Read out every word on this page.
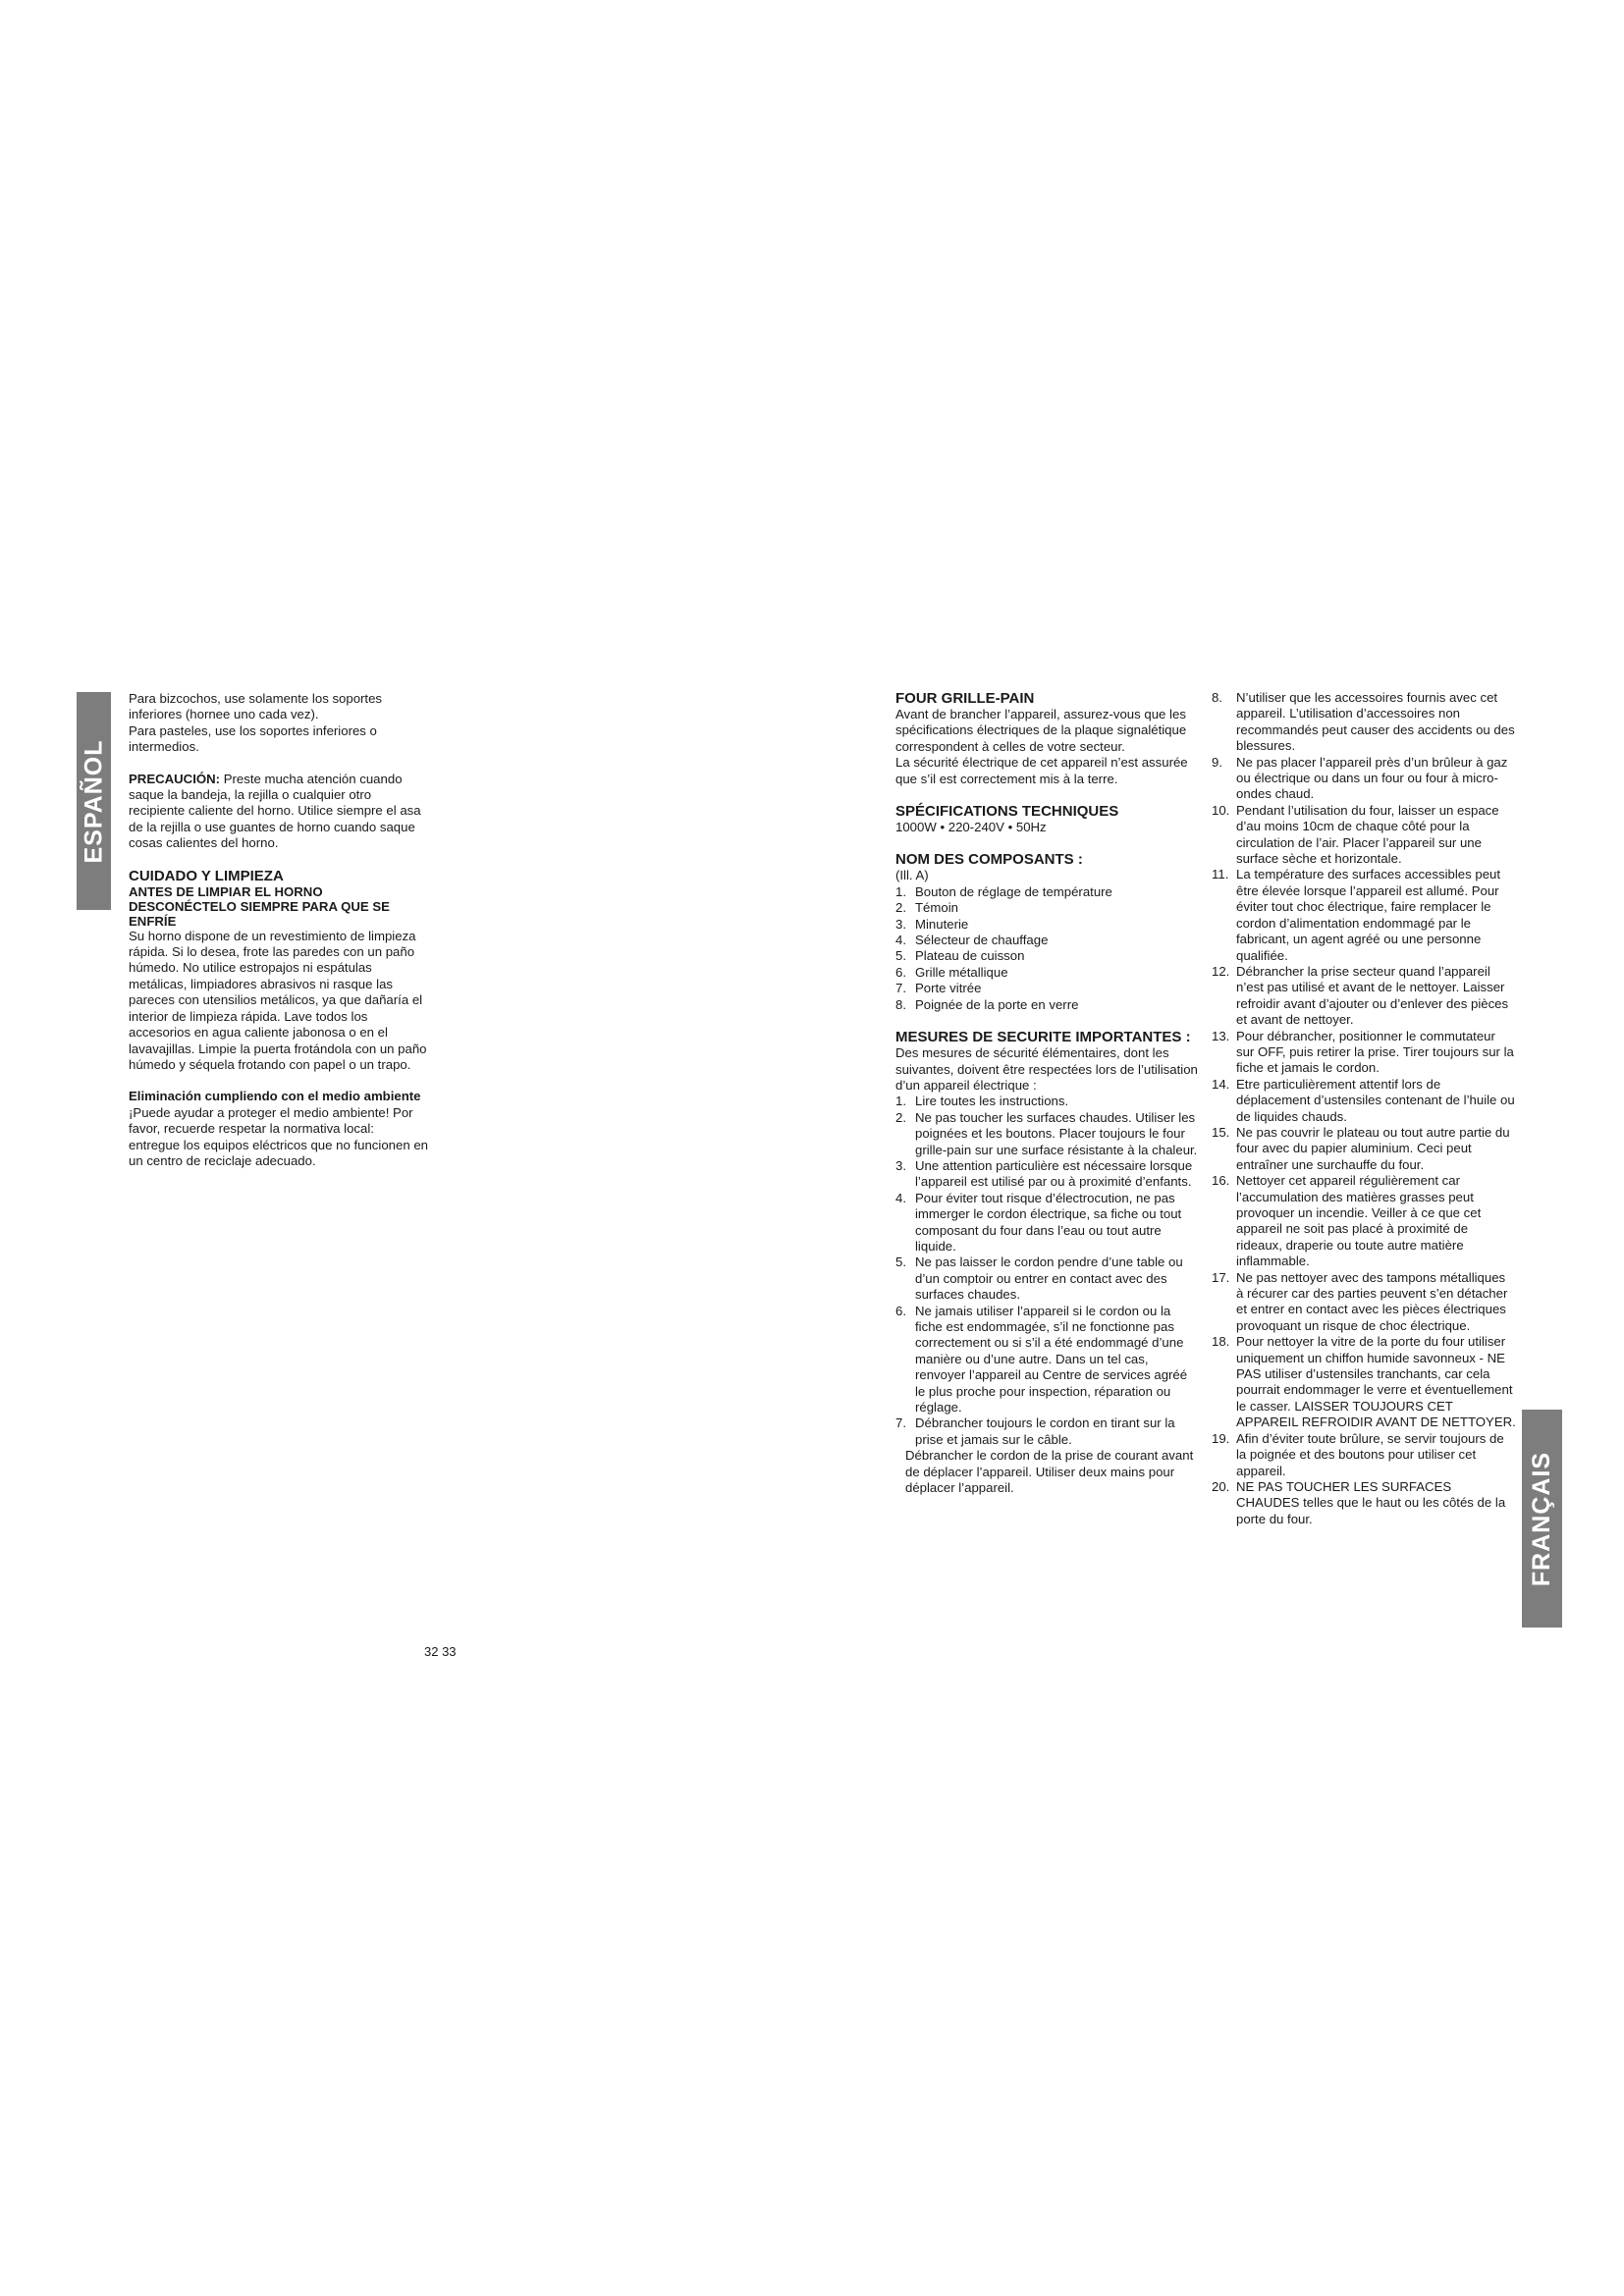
ESPAÑOL
FRANÇAIS

Para bizcochos, use solamente los soportes inferiores (hornee uno cada vez).

Para pasteles, use los soportes inferiores o intermedios.

PRECAUCIÓN: Preste mucha atención cuando saque la bandeja, la rejilla o cualquier otro recipiente caliente del horno. Utilice siempre el asa de la rejilla o use guantes de horno cuando saque cosas calientes del horno.

CUIDADO Y LIMPIEZA

ANTES DE LIMPIAR EL HORNO DESCONÉCTELO SIEMPRE PARA QUE SE ENFRÍE

Su horno dispone de un revestimiento de limpieza rápida. Si lo desea, frote las paredes con un paño húmedo. No utilice estropajos ni espátulas metálicas, limpiadores abrasivos ni rasque las pareces con utensilios metálicos, ya que dañaría el interior de limpieza rápida. Lave todos los accesorios en agua caliente jabonosa o en el lavavajillas. Limpie la puerta frotándola con un paño húmedo y séquela frotando con papel o un trapo.

Eliminación cumpliendo con el medio ambiente

¡Puede ayudar a proteger el medio ambiente! Por favor, recuerde respetar la normativa local: entregue los equipos eléctricos que no funcionen en un centro de reciclaje adecuado.

FOUR GRILLE-PAIN

Avant de brancher l’appareil, assurez-vous que les spécifications électriques de la plaque signalétique correspondent à celles de votre secteur.

La sécurité électrique de cet appareil n’est assurée que s’il est correctement mis à la terre.

SPÉCIFICATIONS TECHNIQUES

1000W • 220-240V • 50Hz

NOM DES COMPOSANTS :

(Ill. A)

1. Bouton de réglage de température
2. Témoin
3. Minuterie
4. Sélecteur de chauffage
5. Plateau de cuisson
6. Grille métallique
7. Porte vitrée
8. Poignée de la porte en verre

MESURES DE SECURITE IMPORTANTES :

Des mesures de sécurité élémentaires, dont les suivantes, doivent être respectées lors de l’utilisation d’un appareil électrique :

1. Lire toutes les instructions.
2. Ne pas toucher les surfaces chaudes. Utiliser les poignées et les boutons. Placer toujours le four grille-pain sur une surface résistante à la chaleur.
3. Une attention particulière est nécessaire lorsque l’appareil est utilisé par ou à proximité d’enfants.
4. Pour éviter tout risque d’électrocution, ne pas immerger le cordon électrique, sa fiche ou tout composant du four dans l’eau ou tout autre liquide.
5. Ne pas laisser le cordon pendre d’une table ou d’un comptoir ou entrer en contact avec des surfaces chaudes.
6. Ne jamais utiliser l’appareil si le cordon ou la fiche est endommagée, s’il ne fonctionne pas correctement ou si s’il a été endommagé d’une manière ou d’une autre. Dans un tel cas, renvoyer l’appareil au Centre de services agréé le plus proche pour inspection, réparation ou réglage.
7. Débrancher toujours le cordon en tirant sur la prise et jamais sur le câble.

Débrancher le cordon de la prise de courant avant de déplacer l’appareil. Utiliser deux mains pour déplacer l’appareil.

8. N’utiliser que les accessoires fournis avec cet appareil. L’utilisation d’accessoires non recommandés peut causer des accidents ou des blessures.
9. Ne pas placer l’appareil près d’un brûleur à gaz ou électrique ou dans un four ou four à micro-ondes chaud.
10. Pendant l’utilisation du four, laisser un espace d’au moins 10cm de chaque côté pour la circulation de l’air. Placer l’appareil sur une surface sèche et horizontale.
11. La température des surfaces accessibles peut être élevée lorsque l’appareil est allumé. Pour éviter tout choc électrique, faire remplacer le cordon d’alimentation endommagé par le fabricant, un agent agréé ou une personne qualifiée.
12. Débrancher la prise secteur quand l’appareil n’est pas utilisé et avant de le nettoyer. Laisser refroidir avant d’ajouter ou d’enlever des pièces et avant de nettoyer.
13. Pour débrancher, positionner le commutateur sur OFF, puis retirer la prise. Tirer toujours sur la fiche et jamais le cordon.
14. Etre particulièrement attentif lors de déplacement d’ustensiles contenant de l’huile ou de liquides chauds.
15. Ne pas couvrir le plateau ou tout autre partie du four avec du papier aluminium. Ceci peut entraîner une surchauffe du four.
16. Nettoyer cet appareil régulièrement car l’accumulation des matières grasses peut provoquer un incendie. Veiller à ce que cet appareil ne soit pas placé à proximité de rideaux, draperie ou toute autre matière inflammable.
17. Ne pas nettoyer avec des tampons métalliques à récurer car des parties peuvent s’en détacher et entrer en contact avec les pièces électriques provoquant un risque de choc électrique.
18. Pour nettoyer la vitre de la porte du four utiliser uniquement un chiffon humide savonneux - NE PAS utiliser d’ustensiles tranchants, car cela pourrait endommager le verre et éventuellement le casser. LAISSER TOUJOURS CET APPAREIL REFROIDIR AVANT DE NETTOYER.
19. Afin d’éviter toute brûlure, se servir toujours de la poignée et des boutons pour utiliser cet appareil.
20. NE PAS TOUCHER LES SURFACES CHAUDES telles que le haut ou les côtés de la porte du four.
32 33
